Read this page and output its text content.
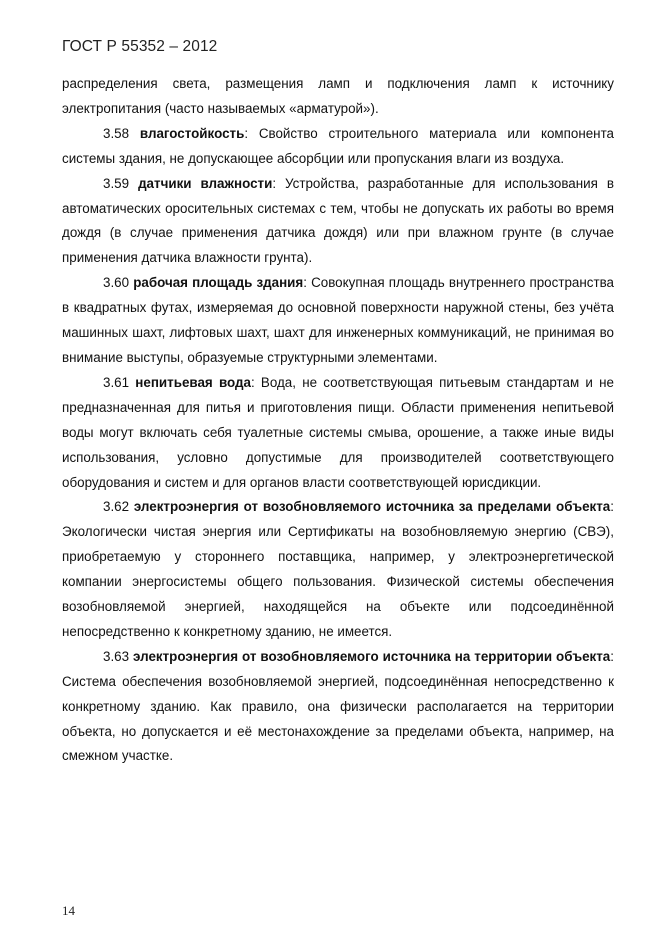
ГОСТ Р 55352 – 2012

распределения света, размещения ламп и подключения ламп к источнику электропитания (часто называемых «арматурой»).

3.58 влагостойкость: Свойство строительного материала или компонента системы здания, не допускающее абсорбции или пропускания влаги из воздуха.

3.59 датчики влажности: Устройства, разработанные для использования в автоматических оросительных системах с тем, чтобы не допускать их работы во время дождя (в случае применения датчика дождя) или при влажном грунте (в случае применения датчика влажности грунта).

3.60 рабочая площадь здания: Совокупная площадь внутреннего пространства в квадратных футах, измеряемая до основной поверхности наружной стены, без учёта машинных шахт, лифтовых шахт, шахт для инженерных коммуникаций, не принимая во внимание выступы, образуемые структурными элементами.

3.61 непитьевая вода: Вода, не соответствующая питьевым стандартам и не предназначенная для питья и приготовления пищи. Области применения непитьевой воды могут включать себя туалетные системы смыва, орошение, а также иные виды использования, условно допустимые для производителей соответствующего оборудования и систем и для органов власти соответствующей юрисдикции.

3.62 электроэнергия от возобновляемого источника за пределами объекта: Экологически чистая энергия или Сертификаты на возобновляемую энергию (СВЭ), приобретаемую у стороннего поставщика, например, у электроэнергетической компании энергосистемы общего пользования. Физической системы обеспечения возобновляемой энергией, находящейся на объекте или подсоединённой непосредственно к конкретному зданию, не имеется.

3.63 электроэнергия от возобновляемого источника на территории объекта: Система обеспечения возобновляемой энергией, подсоединённая непосредственно к конкретному зданию. Как правило, она физически располагается на территории объекта, но допускается и её местонахождение за пределами объекта, например, на смежном участке.

14
